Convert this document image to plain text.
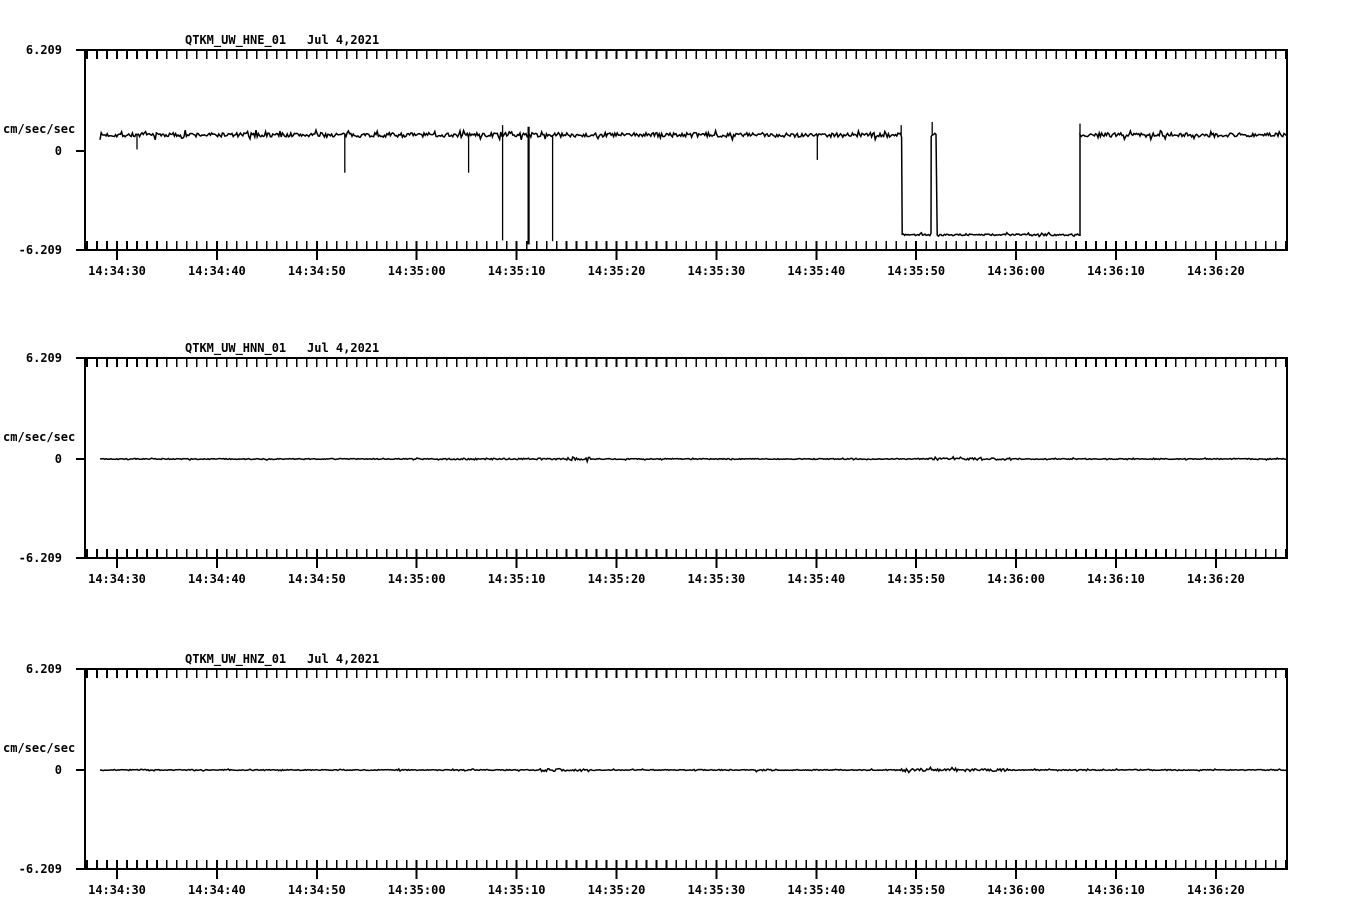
QTKM_UW_HNE_01 Jul 4,2021
6.209
cm/sec/sec
0
-6.209
14:34:30	14:34:40	14:34:50	14:35:00	14:35:10	14:35:20	14:35:30	14:35:40	14:35:50	14:36:00	14:36:10	14:36:20
QTKM_UW_HNN_01 Jul 4,2021
6.209
cm/sec/sec
0
-6.209
14:34:30	14:34:40	14:34:50	14:35:00	14:35:10	14:35:20	14:35:30	14:35:40	14:35:50	14:36:00	14:36:10	14:36:20
QTKM_UW_HNZ_01 Jul 4,2021
6.209
cm/sec/sec
0
-6.209
14:34:30	14:34:40	14:34:50	14:35:00	14:35:10	14:35:20	14:35:30	14:35:40	14:35:50	14:36:00	14:36:10	14:36:20
